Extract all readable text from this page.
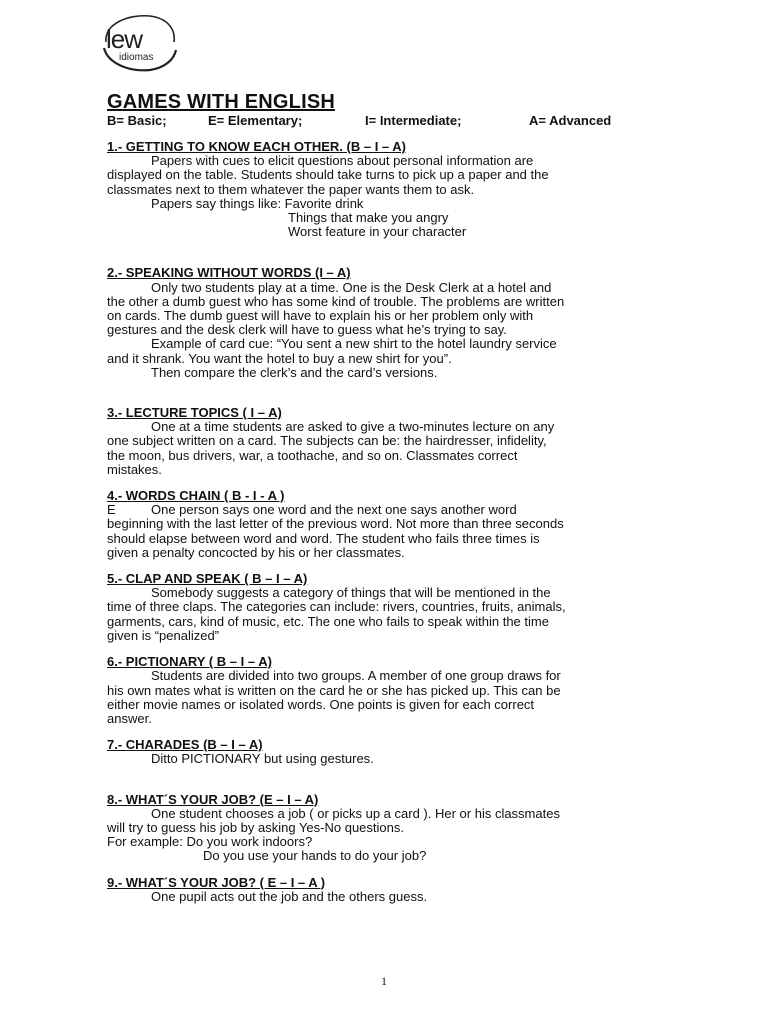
lew
idiomas
GAMES WITH ENGLISH
B= Basic;	E= Elementary;	I= Intermediate;	A= Advanced

1.- GETTING TO KNOW EACH OTHER. (B – I – A)

Papers with cues to elicit questions about personal information are

displayed on the table. Students should take turns to pick up a paper and the

classmates next to them whatever the paper wants them to ask.

Papers say things like: Favorite drink

Things that make you angry

Worst feature in your character

2.- SPEAKING WITHOUT WORDS (I – A)

Only two students play at a time. One is the Desk Clerk at a hotel and

the other a dumb guest who has some kind of trouble. The problems are written

on cards. The dumb guest will have to explain his or her problem only with

gestures and the desk clerk will have to guess what he’s trying to say.

Example of card cue: “You sent a new shirt to the hotel laundry service

and it shrank. You want the hotel to buy a new shirt for you”.

Then compare the clerk’s and the card’s versions.

3.- LECTURE TOPICS ( I – A)

One at a time students are asked to give a two-minutes lecture on any

one subject written on a card. The subjects can be: the hairdresser, infidelity,

the moon, bus drivers, war, a toothache, and so on. Classmates correct

mistakes.

4.- WORDS CHAIN ( B - I - A )

E	One person says one word and the next one says another word

beginning with the last letter of the previous word. Not more than three seconds

should elapse between word and word. The student who fails three times is

given a penalty concocted by his or her classmates.

5.- CLAP AND SPEAK ( B – I – A)

Somebody suggests a category of things that will be mentioned in the

time of three claps. The categories can include: rivers, countries, fruits, animals,

garments, cars, kind of music, etc. The one who fails to speak within the time

given is “penalized”

6.- PICTIONARY ( B – I – A)

Students are divided into two groups. A member of one group draws for

his own mates what is written on the card he or she has picked up. This can be

either movie names or isolated words. One points is given for each correct

answer.

7.- CHARADES (B – I – A)

Ditto PICTIONARY but using gestures.

8.- WHAT´S YOUR JOB? (E – I – A)

One student chooses a job ( or picks up a card ). Her or his classmates

will try to guess his job by asking Yes-No questions.

For example: Do you work indoors?

Do you use your hands to do your job?

9.- WHAT´S YOUR JOB? ( E – I – A )

One pupil acts out the job and the others guess.

1
